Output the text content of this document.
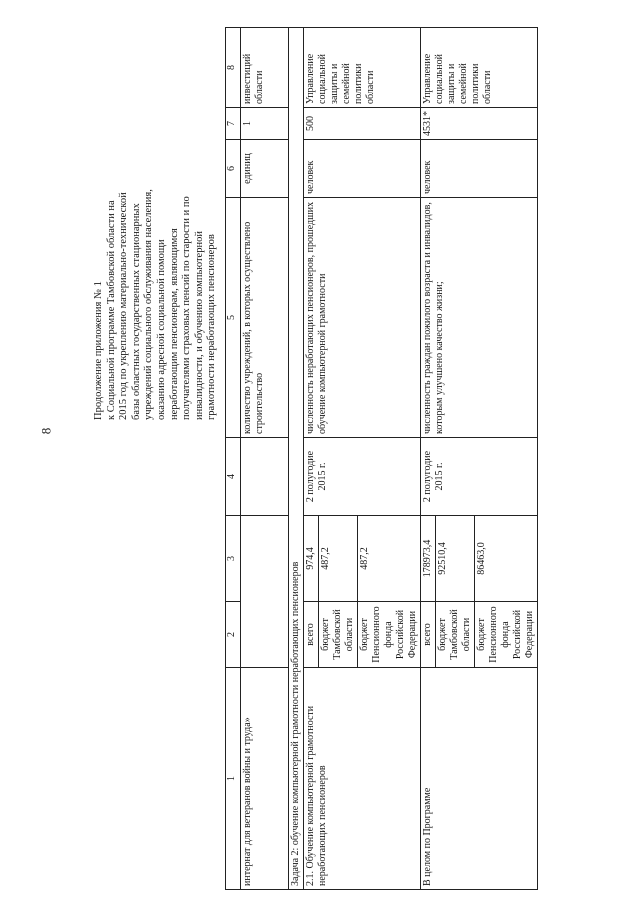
8
Продолжение приложения № 1 к Социальной программе Тамбовской области на 2015 год по укреплению материально-технической базы областных государственных стационарных учреждений социального обслуживания населения, оказанию адресной социальной помощи неработающим пенсионерам, являющимся получателями страховых пенсий по старости и по инвалидности, и обучению компьютерной грамотности неработающих пенсионеров
1	2	3	4	5	6	7	8
интернат для ветеранов войны и труда»				количество учреждений, в которых осуществлено строительство	единиц	1	инвестиций области
Задача 2: обучение компьютерной грамотности неработающих пенсионеров							
2.1. Обучение компьютерной грамотности неработающих пенсионеров	всего	974,4	2 полугодие 2015 г.	численность неработающих пенсионеров, прошедших обучение компьютерной грамотности	человек	500	Управление социальной защиты и семейной политики области
	бюджет Тамбовской области	487,2					
	бюджет Пенсионного фонда Российской Федерации	487,2					
В целом по Программе	всего	178973,4	2 полугодие 2015 г.	численность граждан пожилого возраста и инвалидов, которым улучшено качество жизни;	человек	4531*	Управление социальной защиты и семейной политики области
	бюджет Тамбовской области	92510,4					
	бюджет Пенсионного фонда Российской Федерации	86463,0					
